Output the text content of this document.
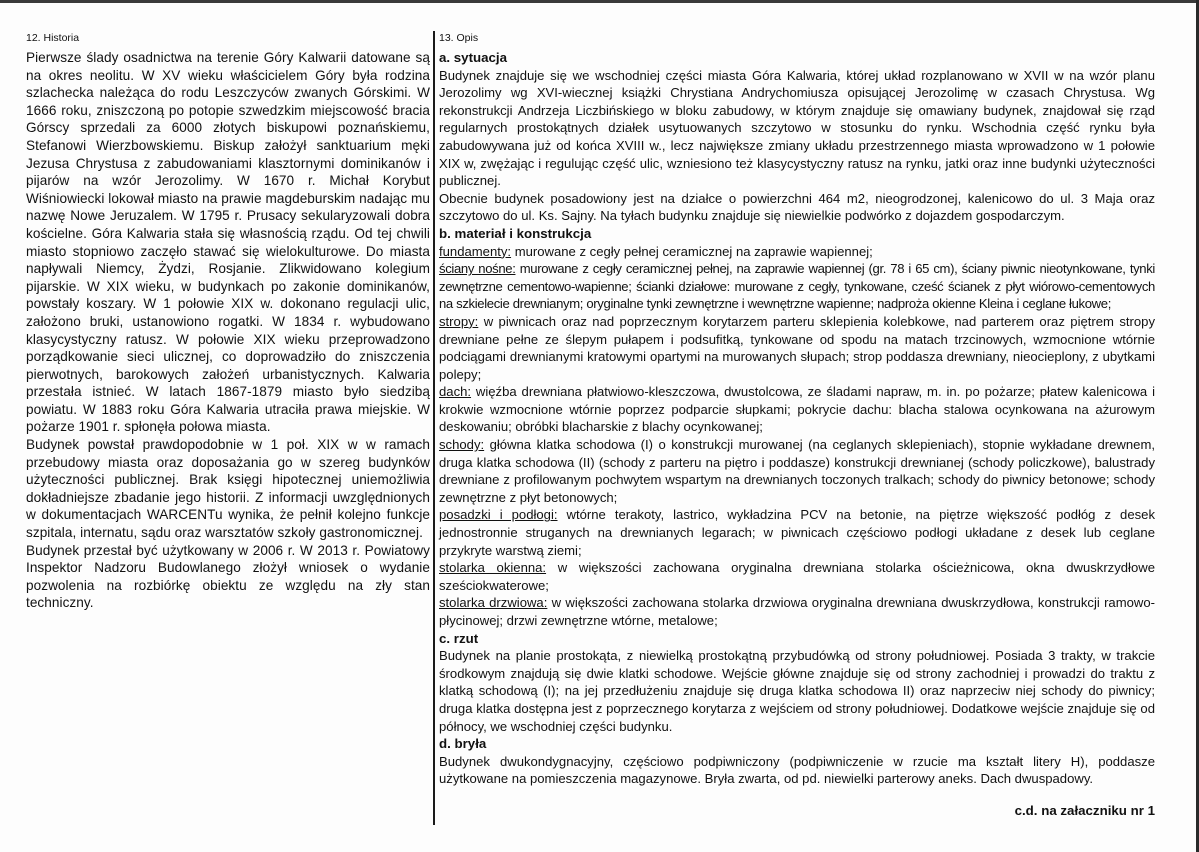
12. Historia

Pierwsze ślady osadnictwa na terenie Góry Kalwarii datowane są na okres neolitu. W XV wieku właścicielem Góry była rodzina szlachecka należąca do rodu Leszczyców zwanych Górskimi. W 1666 roku, zniszczoną po potopie szwedzkim miejscowość bracia Górscy sprzedali za 6000 złotych biskupowi poznańskiemu, Stefanowi Wierzbowskiemu. Biskup założył sanktuarium męki Jezusa Chrystusa z zabudowaniami klasztornymi dominikanów i pijarów na wzór Jerozolimy. W 1670 r. Michał Korybut Wiśniowiecki lokował miasto na prawie magdeburskim nadając mu nazwę Nowe Jeruzalem. W 1795 r. Prusacy sekularyzowali dobra kościelne. Góra Kalwaria stała się własnością rządu. Od tej chwili miasto stopniowo zaczęło stawać się wielokulturowe. Do miasta napływali Niemcy, Żydzi, Rosjanie. Zlikwidowano kolegium pijarskie. W XIX wieku, w budynkach po zakonie dominikanów, powstały koszary. W 1 połowie XIX w. dokonano regulacji ulic, założono bruki, ustanowiono rogatki. W 1834 r. wybudowano klasycystyczny ratusz. W połowie XIX wieku przeprowadzono porządkowanie sieci ulicznej, co doprowadziło do zniszczenia pierwotnych, barokowych założeń urbanistycznych. Kalwaria przestała istnieć. W latach 1867-1879 miasto było siedzibą powiatu. W 1883 roku Góra Kalwaria utraciła prawa miejskie. W pożarze 1901 r. spłonęła połowa miasta.

Budynek powstał prawdopodobnie w 1 poł. XIX w w ramach przebudowy miasta oraz doposażania go w szereg budynków użyteczności publicznej. Brak księgi hipotecznej uniemożliwia dokładniejsze zbadanie jego historii. Z informacji uwzględnionych w dokumentacjach WARCENTu wynika, że pełnił kolejno funkcje szpitala, internatu, sądu oraz warsztatów szkoły gastronomicznej.

Budynek przestał być użytkowany w 2006 r. W 2013 r. Powiatowy Inspektor Nadzoru Budowlanego złożył wniosek o wydanie pozwolenia na rozbiórkę obiektu ze względu na zły stan techniczny.

13. Opis
a. sytuacja

Budynek znajduje się we wschodniej części miasta Góra Kalwaria, której układ rozplanowano w XVII w na wzór planu Jerozolimy wg XVI-wiecznej książki Chrystiana Andrychomiusza opisującej Jerozolimę w czasach Chrystusa. Wg rekonstrukcji Andrzeja Liczbińskiego w bloku zabudowy, w którym znajduje się omawiany budynek, znajdował się rząd regularnych prostokątnych działek usytuowanych szczytowo w stosunku do rynku. Wschodnia część rynku była zabudowywana już od końca XVIII w., lecz największe zmiany układu przestrzennego miasta wprowadzono w 1 połowie XIX w, zwężając i regulując część ulic, wzniesiono też klasycystyczny ratusz na rynku, jatki oraz inne budynki użyteczności publicznej.

Obecnie budynek posadowiony jest na działce o powierzchni 464 m2, nieogrodzonej, kalenicowo do ul. 3 Maja oraz szczytowo do ul. Ks. Sajny. Na tyłach budynku znajduje się niewielkie podwórko z dojazdem gospodarczym.

b. materiał i konstrukcja

fundamenty: murowane z cegły pełnej ceramicznej na zaprawie wapiennej;

ściany nośne: murowane z cegły ceramicznej pełnej, na zaprawie wapiennej (gr. 78 i 65 cm), ściany piwnic nieotynkowane, tynki zewnętrzne cementowo-wapienne; ścianki działowe: murowane z cegły, tynkowane, cześć ścianek z płyt wiórowo-cementowych na szkielecie drewnianym; oryginalne tynki zewnętrzne i wewnętrzne wapienne; nadproża okienne Kleina i ceglane łukowe;

stropy: w piwnicach oraz nad poprzecznym korytarzem parteru sklepienia kolebkowe, nad parterem oraz piętrem stropy drewniane pełne ze ślepym pułapem i podsufitką, tynkowane od spodu na matach trzcinowych, wzmocnione wtórnie podciągami drewnianymi kratowymi opartymi na murowanych słupach; strop poddasza drewniany, nieocieplony, z ubytkami polepy;

dach: więźba drewniana płatwiowo-kleszczowa, dwustolcowa, ze śladami napraw, m. in. po pożarze; płatew kalenicowa i krokwie wzmocnione wtórnie poprzez podparcie słupkami; pokrycie dachu: blacha stalowa ocynkowana na ażurowym deskowaniu; obróbki blacharskie z blachy ocynkowanej;

schody: główna klatka schodowa (I) o konstrukcji murowanej (na ceglanych sklepieniach), stopnie wykładane drewnem, druga klatka schodowa (II) (schody z parteru na piętro i poddasze) konstrukcji drewnianej (schody policzkowe), balustrady drewniane z profilowanym pochwytem wspartym na drewnianych toczonych tralkach; schody do piwnicy betonowe; schody zewnętrzne z płyt betonowych;

posadzki i podłogi: wtórne terakoty, lastrico, wykładzina PCV na betonie, na piętrze większość podłóg z desek jednostronnie struganych na drewnianych legarach; w piwnicach częściowo podłogi układane z desek lub ceglane przykryte warstwą ziemi;

stolarka okienna: w większości zachowana oryginalna drewniana stolarka ościeżnicowa, okna dwuskrzydłowe sześciokwaterowe;

stolarka drzwiowa: w większości zachowana stolarka drzwiowa oryginalna drewniana dwuskrzydłowa, konstrukcji ramowo-płycinowej; drzwi zewnętrzne wtórne, metalowe;

c. rzut

Budynek na planie prostokąta, z niewielką prostokątną przybudówką od strony południowej. Posiada 3 trakty, w trakcie środkowym znajdują się dwie klatki schodowe. Wejście główne znajduje się od strony zachodniej i prowadzi do traktu z klatką schodową (I); na jej przedłużeniu znajduje się druga klatka schodowa II) oraz naprzeciw niej schody do piwnicy; druga klatka dostępna jest z poprzecznego korytarza z wejściem od strony południowej. Dodatkowe wejście znajduje się od północy, we wschodniej części budynku.

d. bryła

Budynek dwukondygnacyjny, częściowo podpiwniczony (podpiwniczenie w rzucie ma kształt litery H), poddasze użytkowane na pomieszczenia magazynowe. Bryła zwarta, od pd. niewielki parterowy aneks. Dach dwuspadowy.

c.d. na załaczniku nr 1
